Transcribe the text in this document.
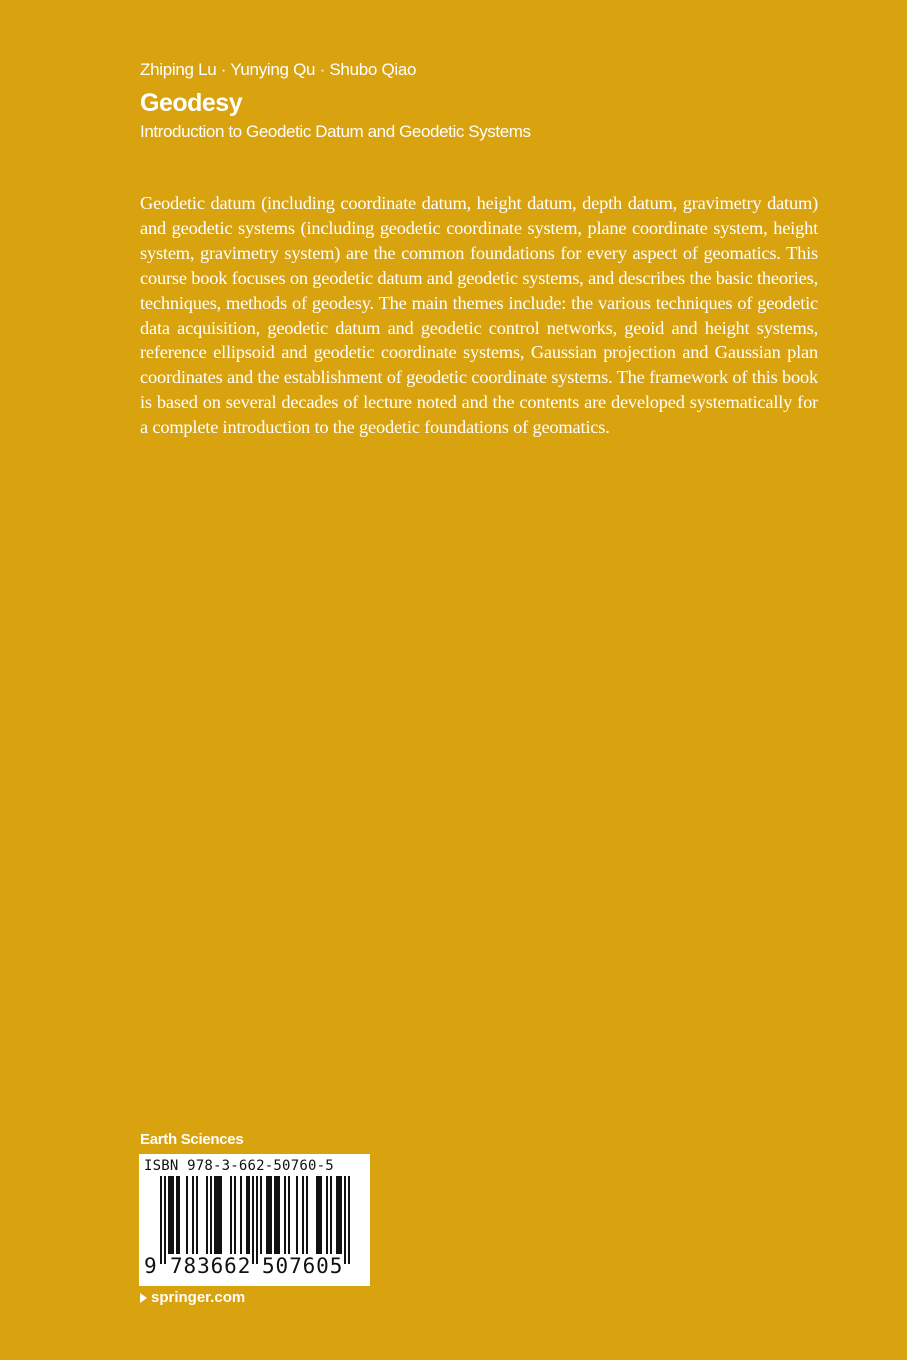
Zhiping Lu · Yunying Qu · Shubo Qiao
Geodesy
Introduction to Geodetic Datum and Geodetic Systems

Geodetic datum (including coordinate datum, height datum, depth datum, gravimetry datum) and geodetic systems (including geodetic coordinate system, plane coordinate system, height system, gravimetry system) are the common foundations for every aspect of geomatics. This course book focuses on geodetic datum and geodetic systems, and describes the basic theories, techniques, methods of geodesy. The main themes include: the various techniques of geodetic data acquisition, geodetic datum and geodetic control networks, geoid and height systems, reference ellipsoid and geodetic coordinate systems, Gaussian projection and Gaussian plan coordinates and the establishment of geodetic coordinate systems. The framework of this book is based on several decades of lecture noted and the contents are developed systematically for a complete introduction to the geodetic foundations of geomatics.

Earth Sciences
ISBN 978-3-662-50760-5
9 783662 507605
springer.com
